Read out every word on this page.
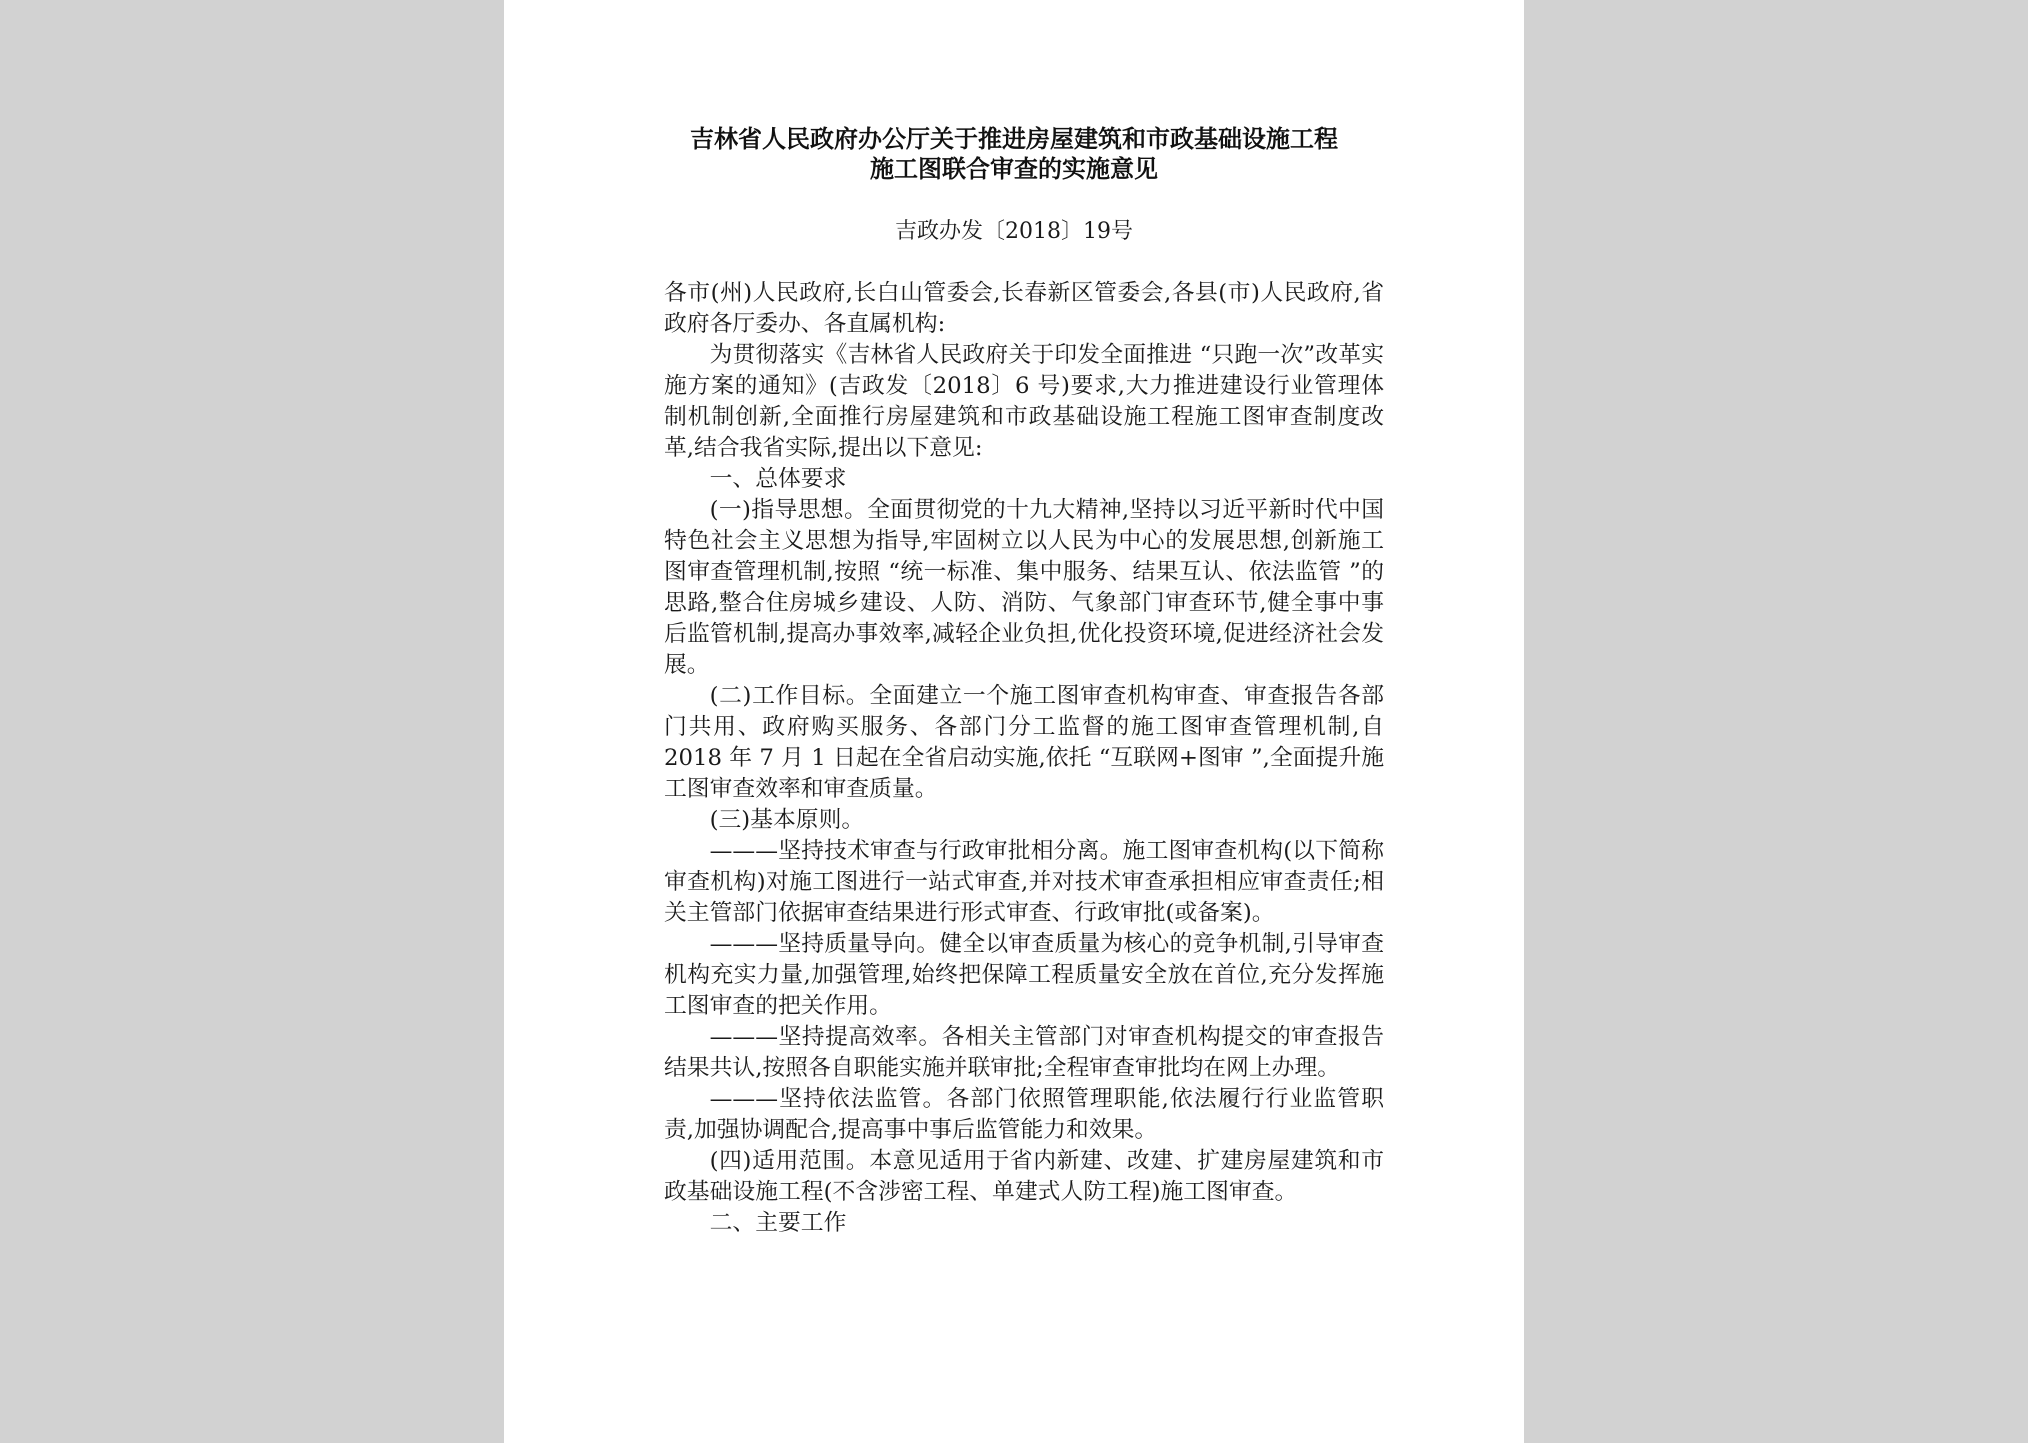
吉林省人民政府办公厅关于推进房屋建筑和市政基础设施工程
施工图联合审查的实施意见
吉政办发〔2018〕19号

各市(州)人民政府,长白山管委会,长春新区管委会,各县(市)人民政府,省政府各厅委办、各直属机构:

为贯彻落实《吉林省人民政府关于印发全面推进 “只跑一次”改革实施方案的通知》(吉政发〔2018〕6 号)要求,大力推进建设行业管理体制机制创新,全面推行房屋建筑和市政基础设施工程施工图审查制度改革,结合我省实际,提出以下意见:

一、总体要求

(一)指导思想。全面贯彻党的十九大精神,坚持以习近平新时代中国特色社会主义思想为指导,牢固树立以人民为中心的发展思想,创新施工图审查管理机制,按照 “统一标准、集中服务、结果互认、依法监管 ”的思路,整合住房城乡建设、人防、消防、气象部门审查环节,健全事中事后监管机制,提高办事效率,减轻企业负担,优化投资环境,促进经济社会发展。

(二)工作目标。全面建立一个施工图审查机构审查、审查报告各部门共用、政府购买服务、各部门分工监督的施工图审查管理机制,自 2018 年 7 月 1 日起在全省启动实施,依托 “互联网+图审 ”,全面提升施工图审查效率和审查质量。

(三)基本原则。

———坚持技术审查与行政审批相分离。施工图审查机构(以下简称审查机构)对施工图进行一站式审查,并对技术审查承担相应审查责任;相关主管部门依据审查结果进行形式审查、行政审批(或备案)。

———坚持质量导向。健全以审查质量为核心的竞争机制,引导审查机构充实力量,加强管理,始终把保障工程质量安全放在首位,充分发挥施工图审查的把关作用。

———坚持提高效率。各相关主管部门对审查机构提交的审查报告结果共认,按照各自职能实施并联审批;全程审查审批均在网上办理。

———坚持依法监管。各部门依照管理职能,依法履行行业监管职责,加强协调配合,提高事中事后监管能力和效果。

(四)适用范围。本意见适用于省内新建、改建、扩建房屋建筑和市政基础设施工程(不含涉密工程、单建式人防工程)施工图审查。

二、主要工作
